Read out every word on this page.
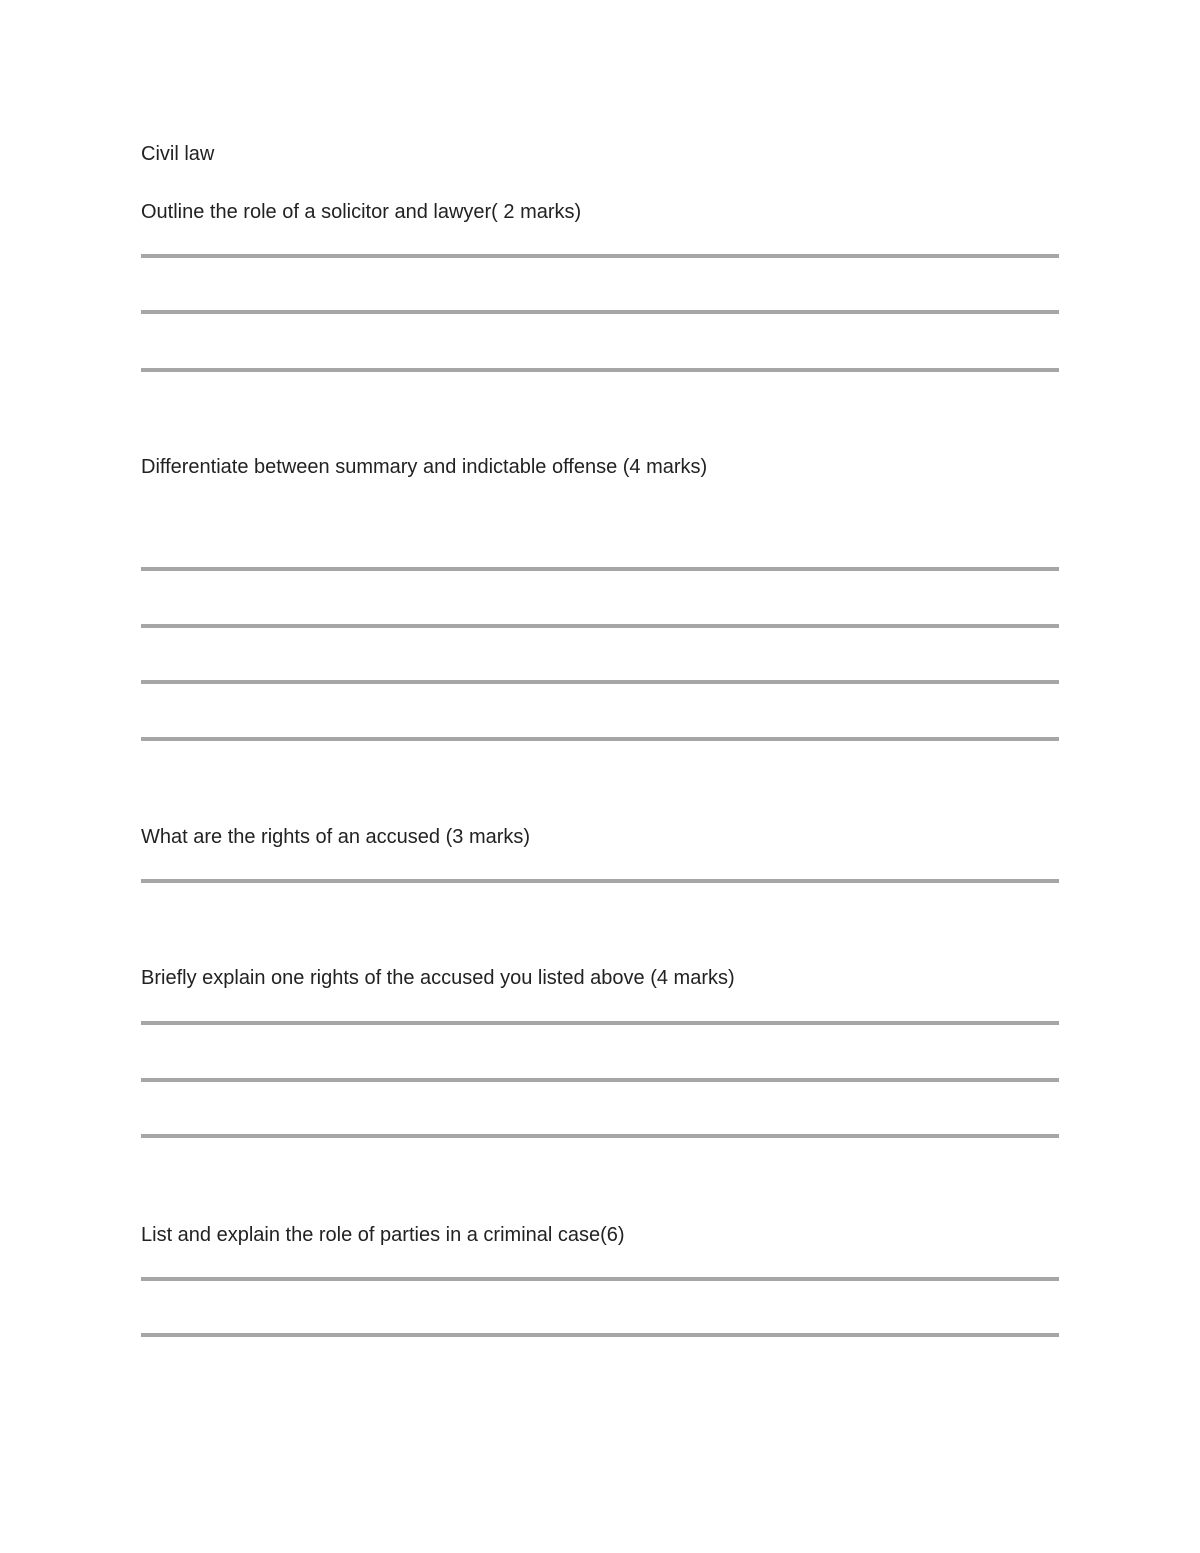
Civil law
Outline the role of a solicitor and lawyer( 2 marks)
Differentiate between summary and indictable offense (4 marks)
What are the rights of an accused (3 marks)
Briefly explain one rights of the accused you listed above (4 marks)
List and explain the role of parties in a criminal case(6)
